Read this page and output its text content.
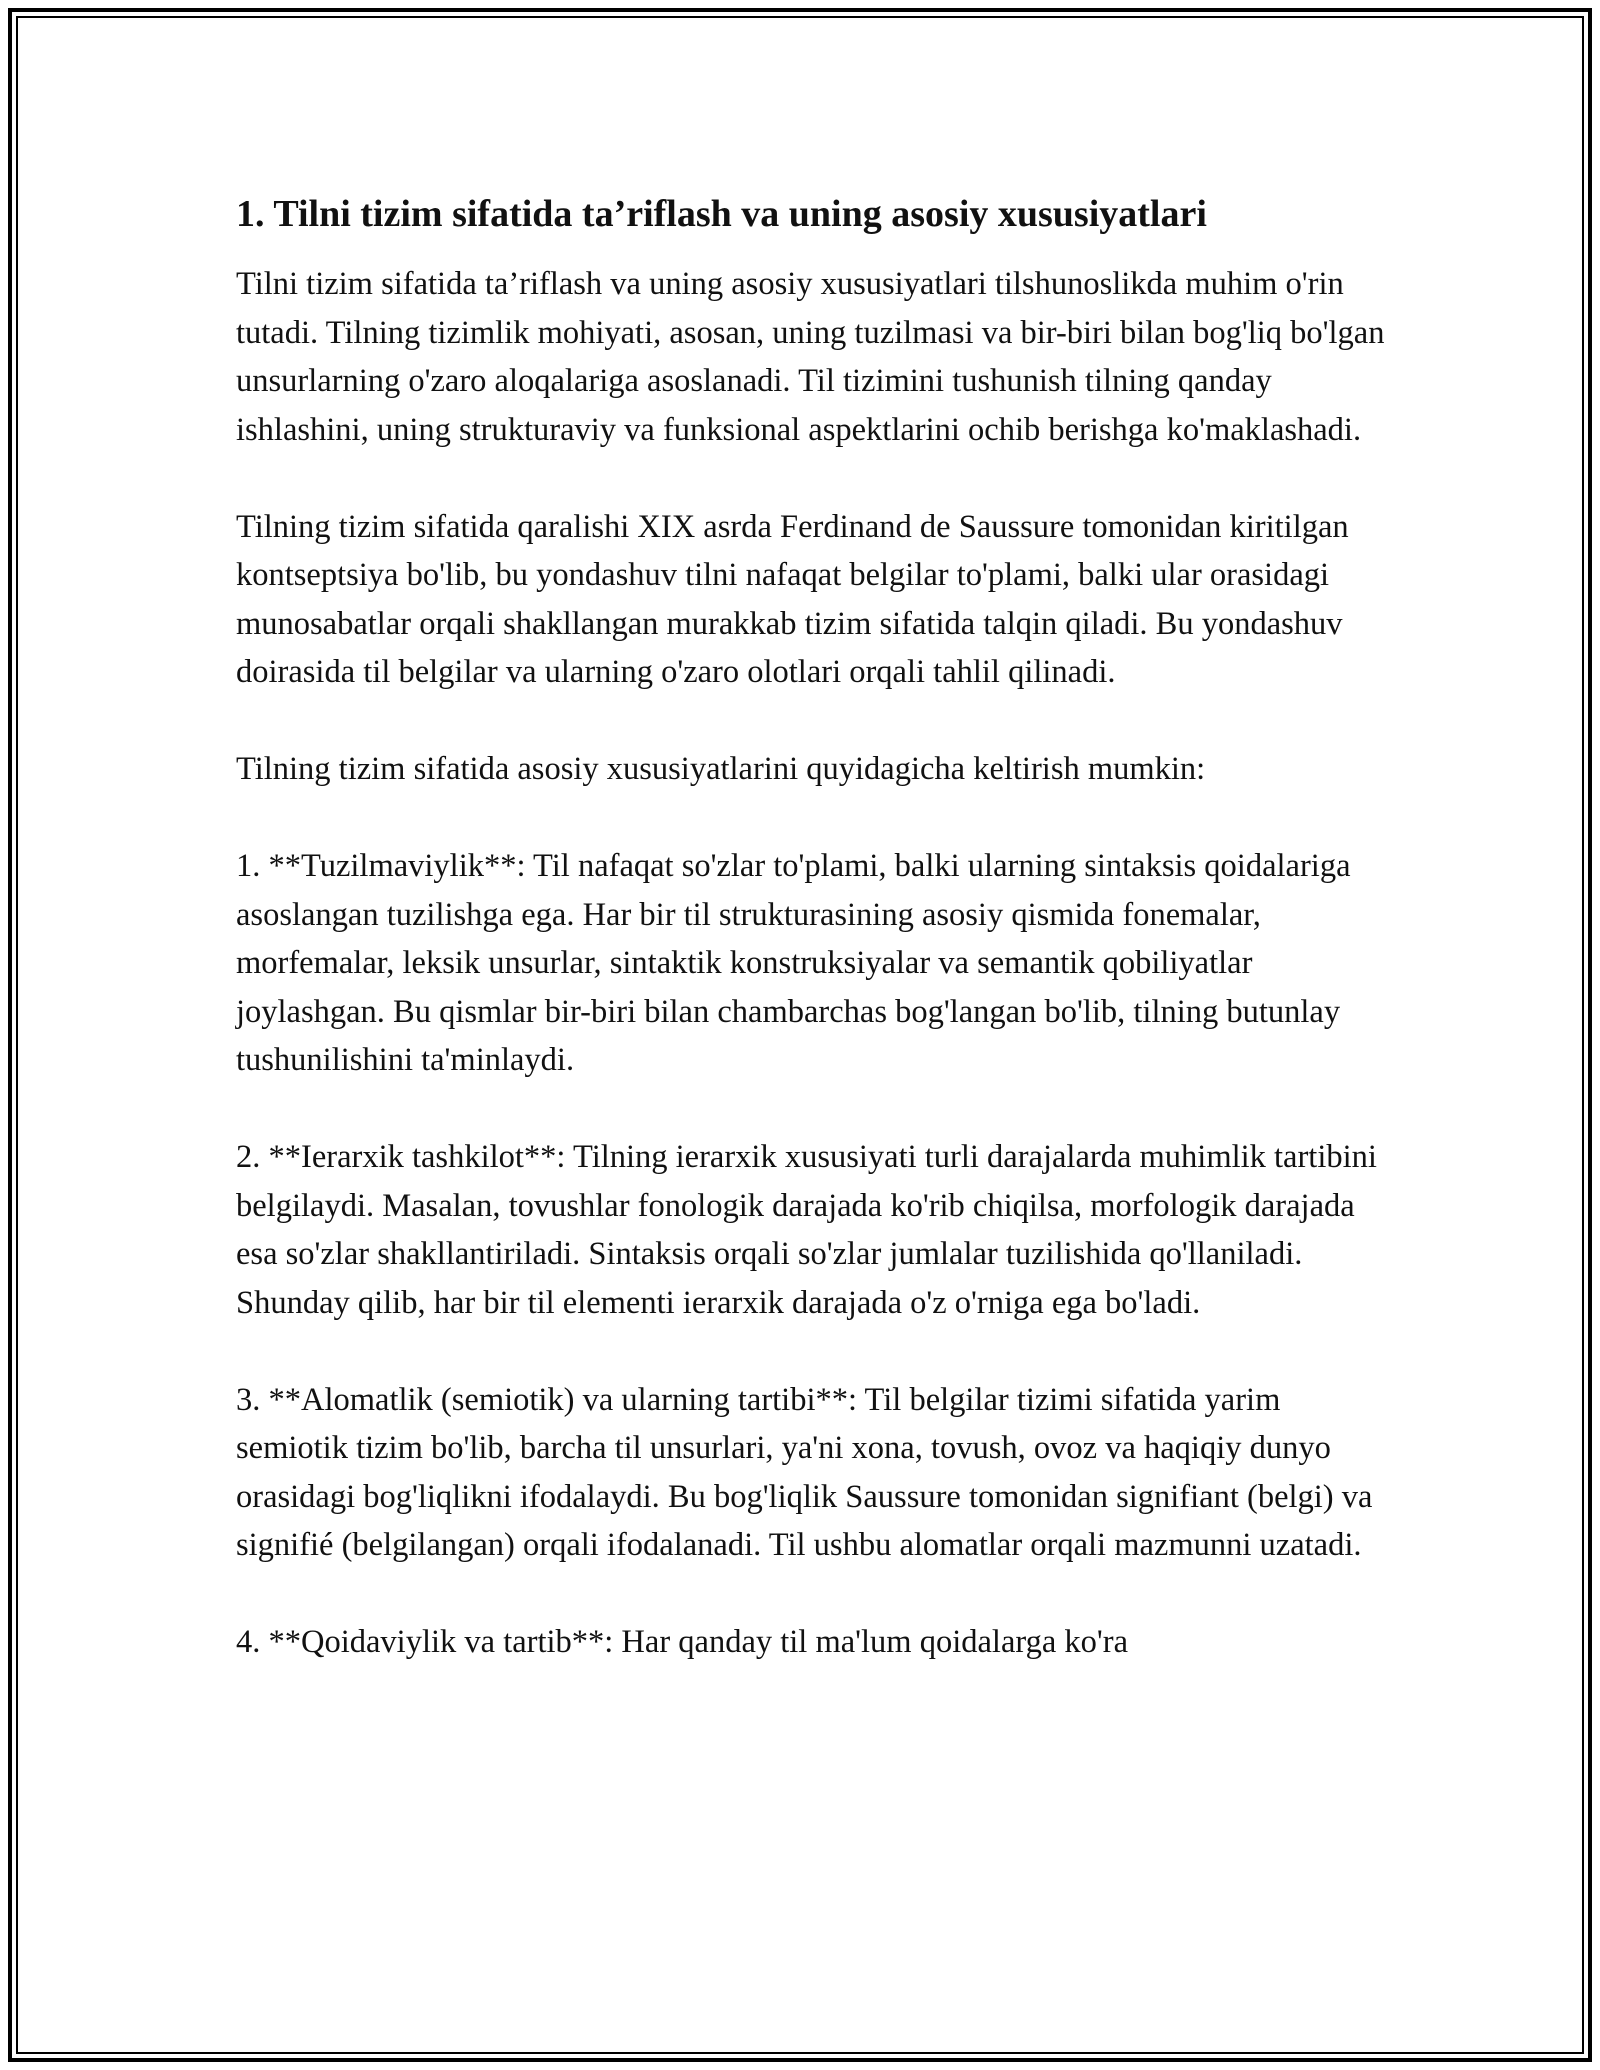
1. Tilni tizim sifatida ta’riflash va uning asosiy xususiyatlari

Tilni tizim sifatida ta’riflash va uning asosiy xususiyatlari tilshunoslikda muhim o'rin tutadi. Tilning tizimlik mohiyati, asosan, uning tuzilmasi va bir-biri bilan bog'liq bo'lgan unsurlarning o'zaro aloqalariga asoslanadi. Til tizimini tushunish tilning qanday ishlashini, uning strukturaviy va funksional aspektlarini ochib berishga ko'maklashadi.

Tilning tizim sifatida qaralishi XIX asrda Ferdinand de Saussure tomonidan kiritilgan kontseptsiya bo'lib, bu yondashuv tilni nafaqat belgilar to'plami, balki ular orasidagi munosabatlar orqali shakllangan murakkab tizim sifatida talqin qiladi. Bu yondashuv doirasida til belgilar va ularning o'zaro olotlari orqali tahlil qilinadi.

Tilning tizim sifatida asosiy xususiyatlarini quyidagicha keltirish mumkin:

1. **Tuzilmaviylik**: Til nafaqat so'zlar to'plami, balki ularning sintaksis qoidalariga asoslangan tuzilishga ega. Har bir til strukturasining asosiy qismida fonemalar, morfemalar, leksik unsurlar, sintaktik konstruksiyalar va semantik qobiliyatlar joylashgan. Bu qismlar bir-biri bilan chambarchas bog'langan bo'lib, tilning butunlay tushunilishini ta'minlaydi.

2. **Ierarxik tashkilot**: Tilning ierarxik xususiyati turli darajalarda muhimlik tartibini belgilaydi. Masalan, tovushlar fonologik darajada ko'rib chiqilsa, morfologik darajada esa so'zlar shakllantiriladi. Sintaksis orqali so'zlar jumlalar tuzilishida qo'llaniladi. Shunday qilib, har bir til elementi ierarxik darajada o'z o'rniga ega bo'ladi.

3. **Alomatlik (semiotik) va ularning tartibi**: Til belgilar tizimi sifatida yarim semiotik tizim bo'lib, barcha til unsurlari, ya'ni xona, tovush, ovoz va haqiqiy dunyo orasidagi bog'liqlikni ifodalaydi. Bu bog'liqlik Saussure tomonidan signifiant (belgi) va signifié (belgilangan) orqali ifodalanadi. Til ushbu alomatlar orqali mazmunni uzatadi.

4. **Qoidaviylik va tartib**: Har qanday til ma'lum qoidalarga ko'ra
